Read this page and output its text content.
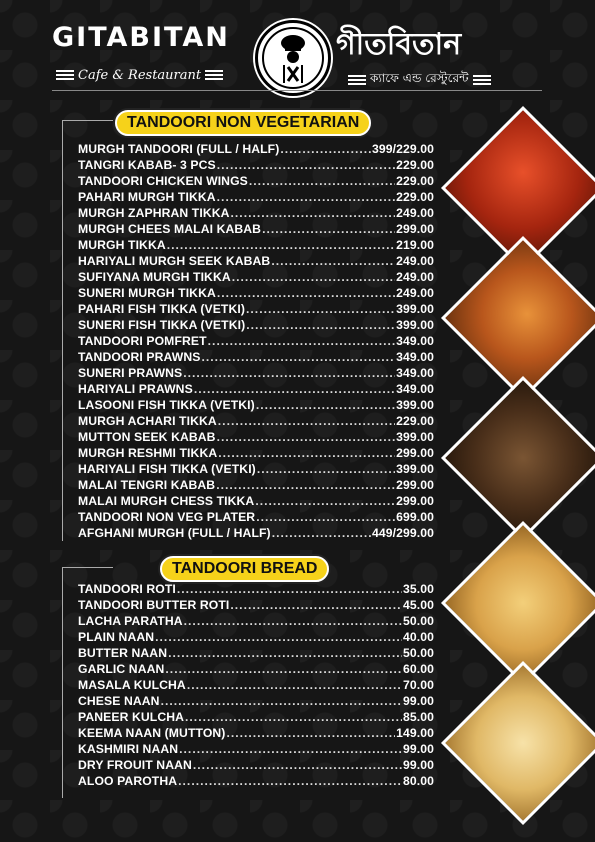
GITABITAN
Cafe & Restaurant
গীতবিতান
ক্যাফে এন্ড রেস্টুরেন্ট
TANDOORI NON VEGETARIAN
MURGH TANDOORI (FULL / HALF) .....	399/229.00
TANGRI KABAB- 3 PCS .....	229.00
TANDOORI CHICKEN WINGS .....	229.00
PAHARI MURGH TIKKA .....	229.00
MURGH ZAPHRAN TIKKA .....	249.00
MURGH CHEES MALAI KABAB .....	299.00
MURGH TIKKA .....	219.00
HARIYALI MURGH SEEK KABAB .....	249.00
SUFIYANA MURGH TIKKA .....	249.00
SUNERI MURGH TIKKA .....	249.00
PAHARI FISH TIKKA (VETKI) .....	399.00
SUNERI FISH TIKKA (VETKI) .....	399.00
TANDOORI POMFRET .....	349.00
TANDOORI PRAWNS .....	349.00
SUNERI PRAWNS .....	349.00
HARIYALI PRAWNS .....	349.00
LASOONI FISH TIKKA (VETKI) .....	399.00
MURGH ACHARI TIKKA .....	229.00
MUTTON SEEK KABAB .....	399.00
MURGH RESHMI TIKKA .....	299.00
HARIYALI FISH TIKKA (VETKI) .....	399.00
MALAI TENGRI KABAB .....	299.00
MALAI MURGH CHESS TIKKA .....	299.00
TANDOORI NON VEG PLATER .....	699.00
AFGHANI MURGH (FULL / HALF) .....	449/299.00
TANDOORI BREAD
TANDOORI ROTI .....	35.00
TANDOORI BUTTER ROTI .....	45.00
LACHA PARATHA .....	50.00
PLAIN NAAN .....	40.00
BUTTER NAAN .....	50.00
GARLIC NAAN .....	60.00
MASALA KULCHA .....	70.00
CHESE NAAN .....	99.00
PANEER KULCHA .....	85.00
KEEMA NAAN (MUTTON) .....	149.00
KASHMIRI NAAN .....	99.00
DRY FROUIT NAAN .....	99.00
ALOO PAROTHA .....	80.00
